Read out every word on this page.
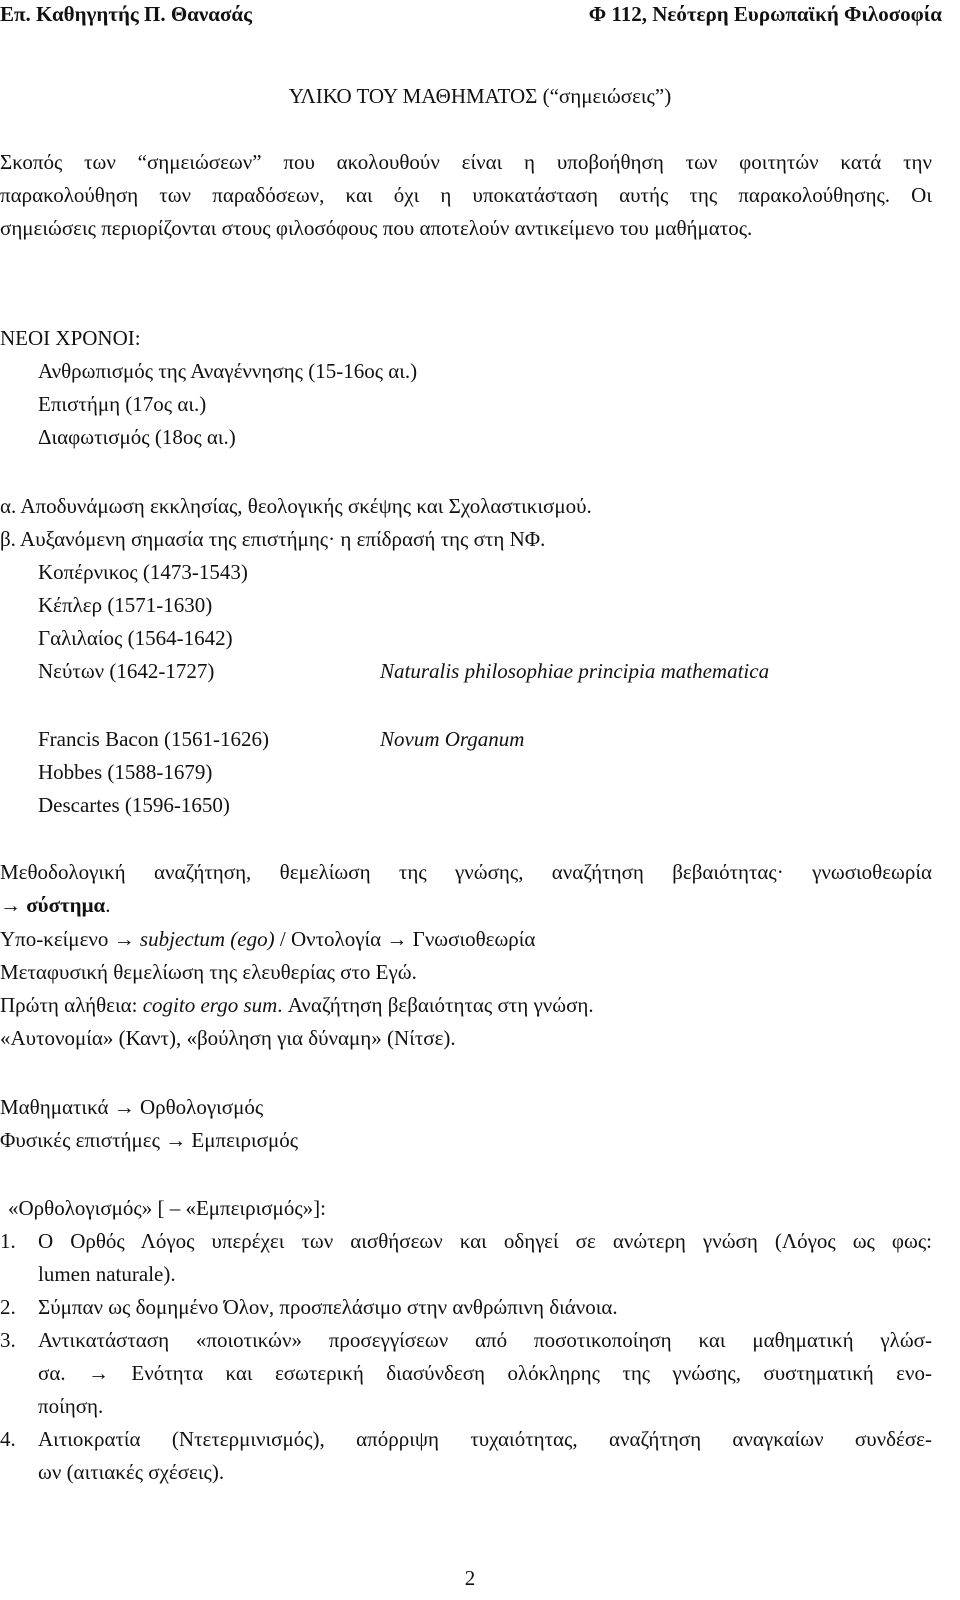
Επ. Καθηγητής Π. Θανασάς	Φ 112, Νεότερη Ευρωπαϊκή Φιλοσοφία
ΥΛΙΚΟ ΤΟΥ ΜΑΘΗΜΑΤΟΣ (“σημειώσεις”)
Σκοπός των “σημειώσεων” που ακολουθούν είναι η υποβοήθηση των φοιτητών κατά την
παρακολούθηση των παραδόσεων, και όχι η υποκατάσταση αυτής της παρακολούθησης. Οι
σημειώσεις περιορίζονται στους φιλοσόφους που αποτελούν αντικείμενο του μαθήματος.
ΝΕΟΙ ΧΡΟΝΟΙ:
Ανθρωπισμός της Αναγέννησης (15-16ος αι.)
Επιστήμη (17ος αι.)
Διαφωτισμός (18ος αι.)
α. Αποδυνάμωση εκκλησίας, θεολογικής σκέψης και Σχολαστικισμού.
β. Αυξανόμενη σημασία της επιστήμης· η επίδρασή της στη ΝΦ.
Κοπέρνικος (1473-1543)
Κέπλερ (1571-1630)
Γαλιλαίος (1564-1642)
Νεύτων (1642-1727)	Naturalis philosophiae principia mathematica
Francis Bacon (1561-1626)	Novum Organum
Hobbes (1588-1679)
Descartes (1596-1650)
Μεθοδολογική αναζήτηση, θεμελίωση της γνώσης, αναζήτηση βεβαιότητας· γνωσιοθεωρία
→ σύστημα.
Υπο-κείμενο → subjectum (ego) / Οντολογία → Γνωσιοθεωρία
Μεταφυσική θεμελίωση της ελευθερίας στο Εγώ.
Πρώτη αλήθεια: cogito ergo sum. Αναζήτηση βεβαιότητας στη γνώση.
«Αυτονομία» (Καντ), «βούληση για δύναμη» (Νίτσε).
Μαθηματικά → Ορθολογισμός
Φυσικές επιστήμες → Εμπειρισμός
«Ορθολογισμός» [ – «Εμπειρισμός»]:
1. Ο Ορθός Λόγος υπερέχει των αισθήσεων και οδηγεί σε ανώτερη γνώση (Λόγος ως φως:
lumen naturale).
2. Σύμπαν ως δομημένο Όλον, προσπελάσιμο στην ανθρώπινη διάνοια.
3. Αντικατάσταση «ποιοτικών» προσεγγίσεων από ποσοτικοποίηση και μαθηματική γλώσ-
σα. → Ενότητα και εσωτερική διασύνδεση ολόκληρης της γνώσης, συστηματική ενο-
ποίηση.
4. Αιτιοκρατία (Ντετερμινισμός), απόρριψη τυχαιότητας, αναζήτηση αναγκαίων συνδέσε-
ων (αιτιακές σχέσεις).
2
